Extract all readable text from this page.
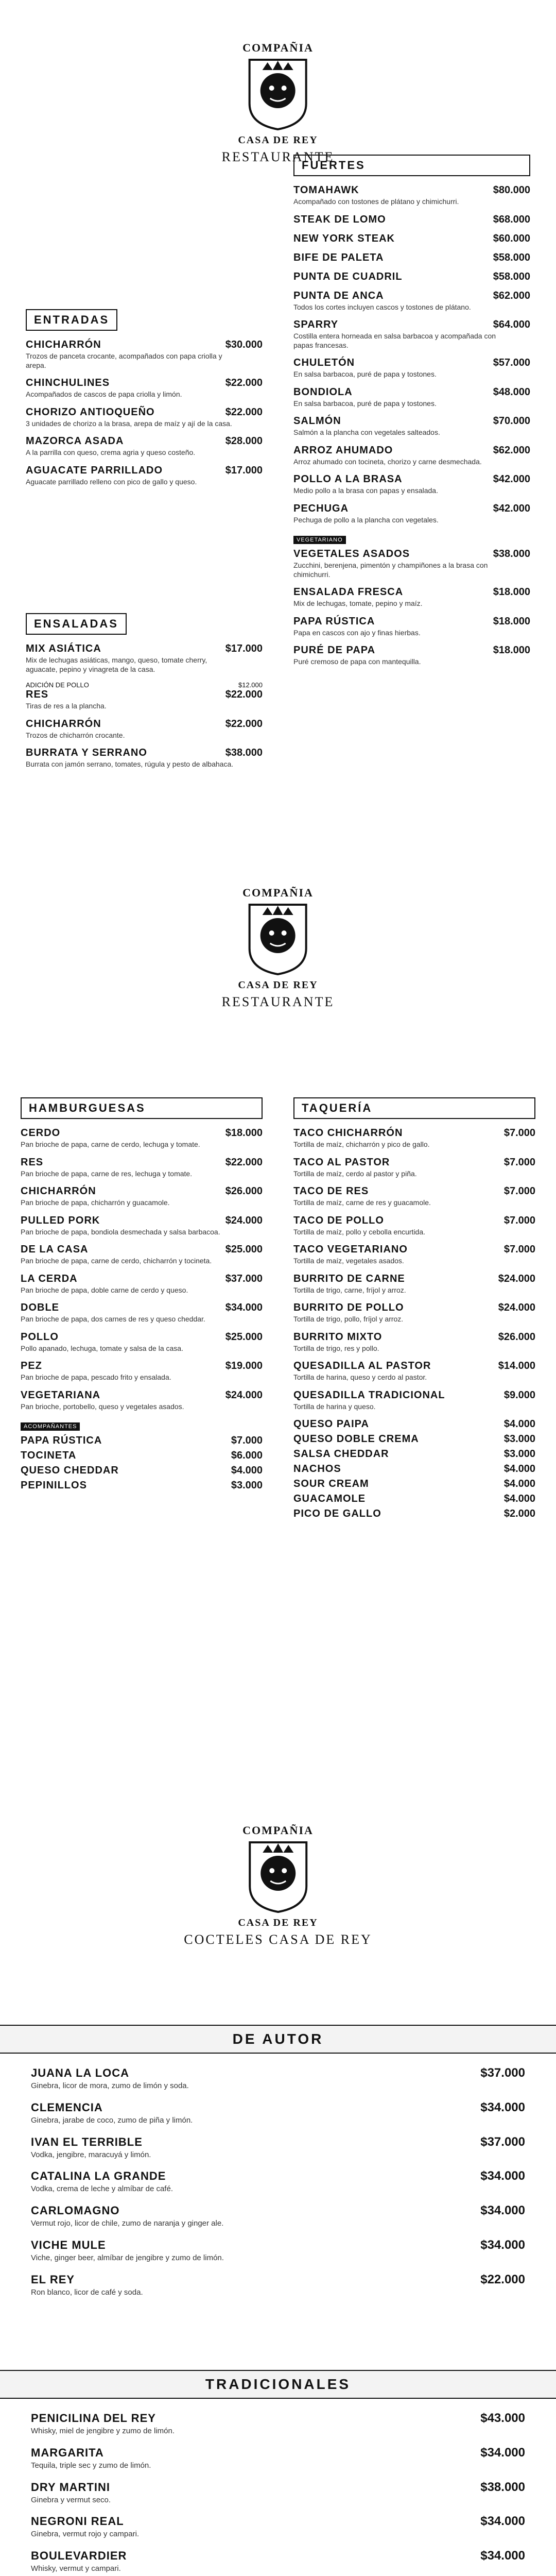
COMPAÑIA
CASA DE REY
RESTAURANTE
ENTRADAS
CHICHARRÓN	$30.000
Trozos de panceta crocante, acompañados con papa criolla y arepa.
CHINCHULINES	$22.000
Acompañados de cascos de papa criolla y limón.
CHORIZO ANTIOQUEÑO	$22.000
3 unidades de chorizo a la brasa, arepa de maíz y ají de la casa.
MAZORCA ASADA	$28.000
A la parrilla con queso, crema agria y queso costeño.
AGUACATE PARRILLADO	$17.000
Aguacate parrillado relleno con pico de gallo y queso.
ENSALADAS
MIX ASIÁTICA	$17.000
Mix de lechugas asiáticas, mango, queso, tomate cherry, aguacate, pepino y vinagreta de la casa.
ADICIÓN DE POLLO	$12.000
RES	$22.000
Tiras de res a la plancha.
CHICHARRÓN	$22.000
Trozos de chicharrón crocante.
BURRATA Y SERRANO	$38.000
Burrata con jamón serrano, tomates, rúgula y pesto de albahaca.
FUERTES
TOMAHAWK	$80.000
Acompañado con tostones de plátano y chimichurri.
STEAK DE LOMO	$68.000
NEW YORK STEAK	$60.000
BIFE DE PALETA	$58.000
PUNTA DE CUADRIL	$58.000
PUNTA DE ANCA	$62.000
Todos los cortes incluyen cascos y tostones de plátano.
SPARRY	$64.000
Costilla entera horneada en salsa barbacoa y acompañada con papas francesas.
CHULETÓN	$57.000
En salsa barbacoa, puré de papa y tostones.
BONDIOLA	$48.000
En salsa barbacoa, puré de papa y tostones.
SALMÓN	$70.000
Salmón a la plancha con vegetales salteados.
ARROZ AHUMADO	$62.000
Arroz ahumado con tocineta, chorizo y carne desmechada.
POLLO A LA BRASA	$42.000
Medio pollo a la brasa con papas y ensalada.
PECHUGA	$42.000
Pechuga de pollo a la plancha con vegetales.
VEGETARIANO
VEGETALES ASADOS	$38.000
Zucchini, berenjena, pimentón y champiñones a la brasa con chimichurri.
ENSALADA FRESCA	$18.000
Mix de lechugas, tomate, pepino y maíz.
PAPA RÚSTICA	$18.000
Papa en cascos con ajo y finas hierbas.
PURÉ DE PAPA	$18.000
Puré cremoso de papa con mantequilla.
COMPAÑIA
CASA DE REY
RESTAURANTE
HAMBURGUESAS
CERDO	$18.000
Pan brioche de papa, carne de cerdo, lechuga y tomate.
RES	$22.000
Pan brioche de papa, carne de res, lechuga y tomate.
CHICHARRÓN	$26.000
Pan brioche de papa, chicharrón y guacamole.
PULLED PORK	$24.000
Pan brioche de papa, bondiola desmechada y salsa barbacoa.
DE LA CASA	$25.000
Pan brioche de papa, carne de cerdo, chicharrón y tocineta.
LA CERDA	$37.000
Pan brioche de papa, doble carne de cerdo y queso.
DOBLE	$34.000
Pan brioche de papa, dos carnes de res y queso cheddar.
POLLO	$25.000
Pollo apanado, lechuga, tomate y salsa de la casa.
PEZ	$19.000
Pan brioche de papa, pescado frito y ensalada.
VEGETARIANA	$24.000
Pan brioche, portobello, queso y vegetales asados.
ACOMPAÑANTES
PAPA RÚSTICA	$7.000
TOCINETA	$6.000
QUESO CHEDDAR	$4.000
PEPINILLOS	$3.000
TAQUERÍA
TACO CHICHARRÓN	$7.000
Tortilla de maíz, chicharrón y pico de gallo.
TACO AL PASTOR	$7.000
Tortilla de maíz, cerdo al pastor y piña.
TACO DE RES	$7.000
Tortilla de maíz, carne de res y guacamole.
TACO DE POLLO	$7.000
Tortilla de maíz, pollo y cebolla encurtida.
TACO VEGETARIANO	$7.000
Tortilla de maíz, vegetales asados.
BURRITO DE CARNE	$24.000
Tortilla de trigo, carne, fríjol y arroz.
BURRITO DE POLLO	$24.000
Tortilla de trigo, pollo, fríjol y arroz.
BURRITO MIXTO	$26.000
Tortilla de trigo, res y pollo.
QUESADILLA AL PASTOR	$14.000
Tortilla de harina, queso y cerdo al pastor.
QUESADILLA TRADICIONAL	$9.000
Tortilla de harina y queso.
QUESO PAIPA	$4.000
QUESO DOBLE CREMA	$3.000
SALSA CHEDDAR	$3.000
NACHOS	$4.000
SOUR CREAM	$4.000
GUACAMOLE	$4.000
PICO DE GALLO	$2.000
COMPAÑIA
CASA DE REY
COCTELES CASA DE REY
DE AUTOR
JUANA LA LOCA	$37.000
Ginebra, licor de mora, zumo de limón y soda.
CLEMENCIA	$34.000
Ginebra, jarabe de coco, zumo de piña y limón.
IVAN EL TERRIBLE	$37.000
Vodka, jengibre, maracuyá y limón.
CATALINA LA GRANDE	$34.000
Vodka, crema de leche y almíbar de café.
CARLOMAGNO	$34.000
Vermut rojo, licor de chile, zumo de naranja y ginger ale.
VICHE MULE	$34.000
Viche, ginger beer, almíbar de jengibre y zumo de limón.
EL REY	$22.000
Ron blanco, licor de café y soda.
TRADICIONALES
PENICILINA DEL REY	$43.000
Whisky, miel de jengibre y zumo de limón.
MARGARITA	$34.000
Tequila, triple sec y zumo de limón.
DRY MARTINI	$38.000
Ginebra y vermut seco.
NEGRONI REAL	$34.000
Ginebra, vermut rojo y campari.
BOULEVARDIER	$34.000
Whisky, vermut y campari.
